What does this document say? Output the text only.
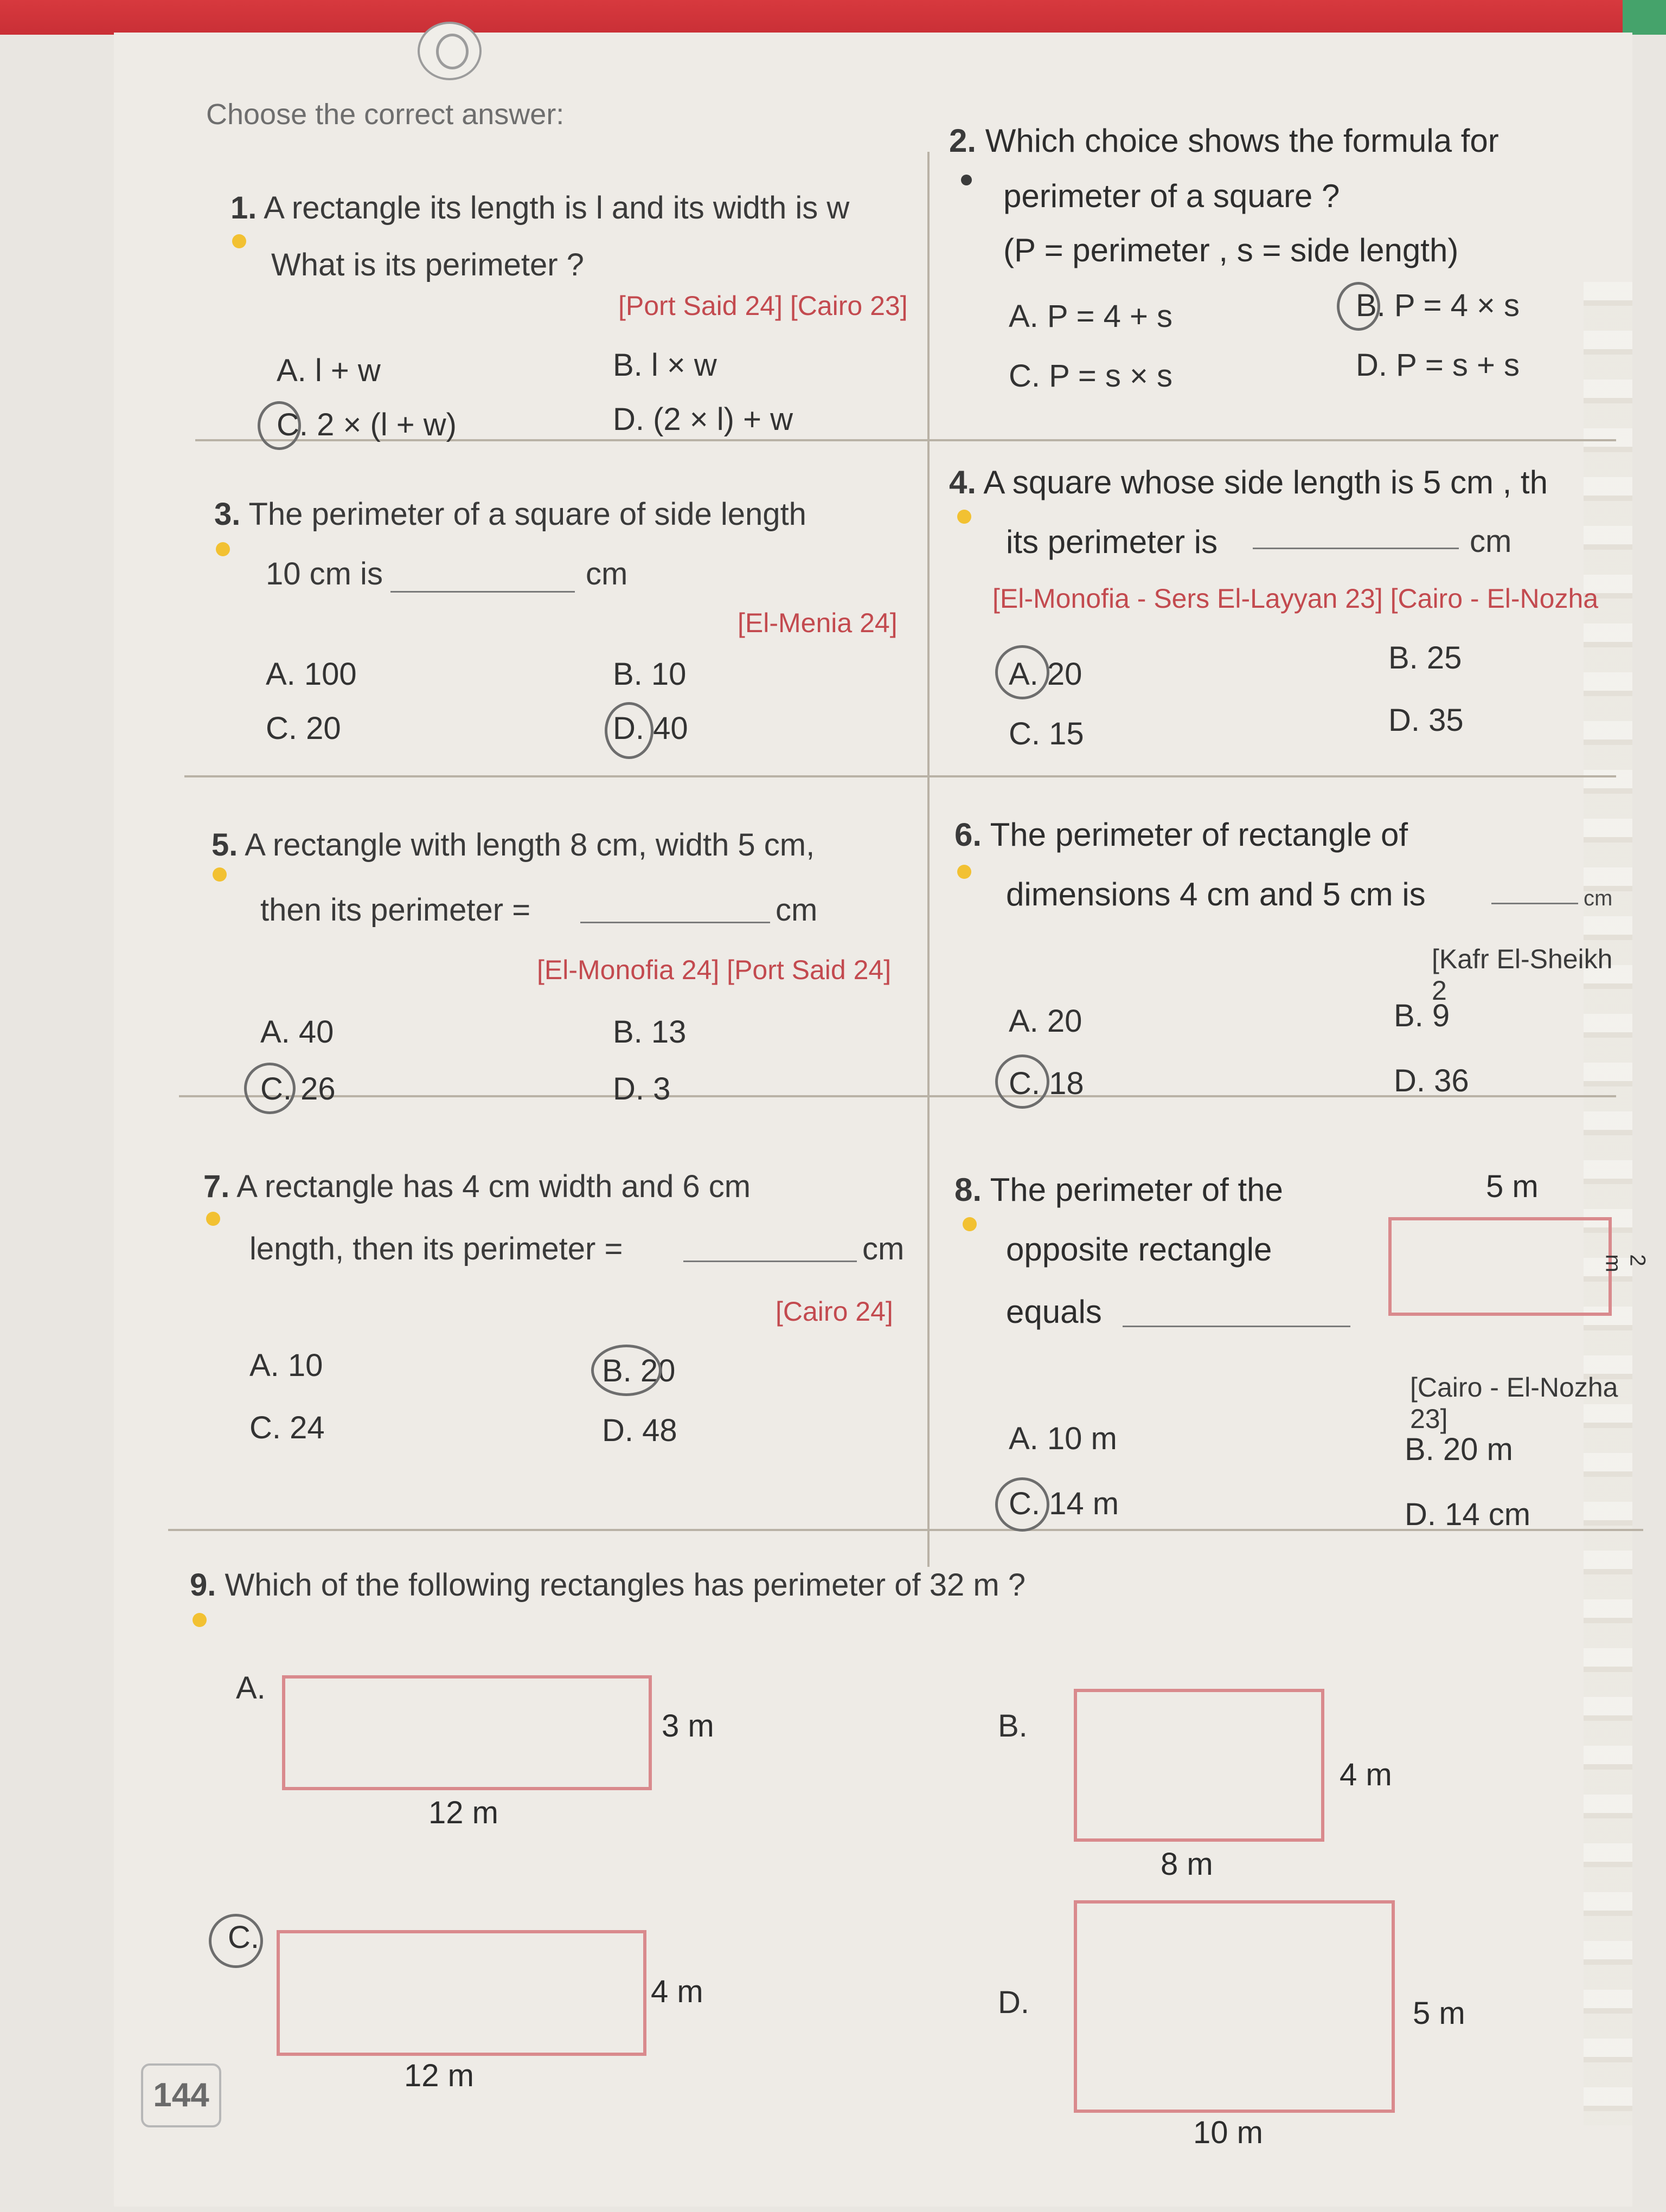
Choose the correct answer:
1. A rectangle its length is l and its width is w
What is its perimeter ?
[Port Said 24] [Cairo 23]
A. l + w	B. l × w
C. 2 × (l + w)	D. (2 × l) + w
2. Which choice shows the formula for
perimeter of a square ?
(P = perimeter , s = side length)
A. P = 4 + s	B. P = 4 × s
C. P = s × s	D. P = s + s
3. The perimeter of a square of side length
10 cm is	cm
[El-Menia 24]
A. 100	B. 10
C. 20	D. 40
4. A square whose side length is 5 cm , th
its perimeter is	cm
[El-Monofia - Sers El-Layyan 23] [Cairo - El-Nozha
A. 20	B. 25
C. 15	D. 35
5. A rectangle with length 8 cm, width 5 cm,
then its perimeter =	cm
[El-Monofia 24] [Port Said 24]
A. 40	B. 13
C. 26	D. 3
6. The perimeter of rectangle of
dimensions 4 cm and 5 cm is	cm
[Kafr El-Sheikh 2
A. 20	B. 9
C. 18	D. 36
7. A rectangle has 4 cm width and 6 cm
length, then its perimeter =	cm
[Cairo 24]
A. 10	B. 20
C. 24	D. 48
8. The perimeter of the
opposite rectangle
equals
5 m
2 m
[Cairo - El-Nozha 23]
A. 10 m	B. 20 m
C. 14 m	D. 14 cm
9. Which of the following rectangles has perimeter of 32 m ?
A.
3 m
12 m
B.
4 m
8 m
C.
4 m
12 m
D.	5 m
10 m
144
